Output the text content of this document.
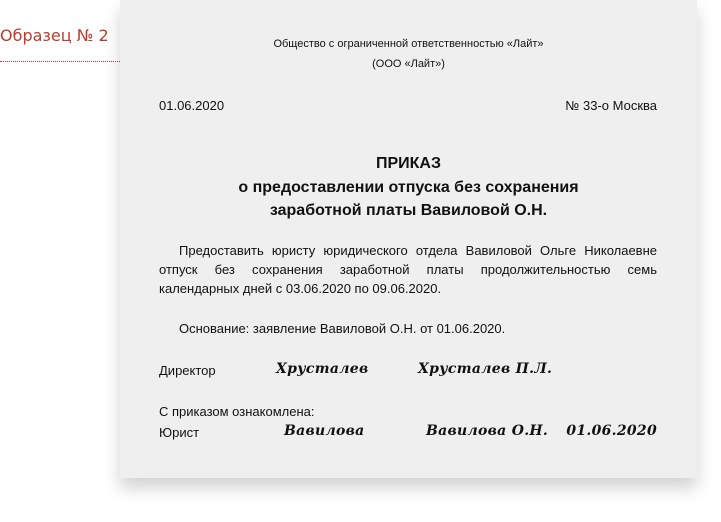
Образец № 2	Общество с ограниченной ответственностью «Лайт»
(ООО «Лайт»)
01.06.2020	№ 33-о Москва
ПРИКАЗ
о предоставлении отпуска без сохранения
заработной платы Вавиловой О.Н.
Предоставить юристу юридического отдела Вавиловой Ольге Николаевне отпуск без сохранения заработной платы продолжительностью семь календарных дней с 03.06.2020 по 09.06.2020.
Основание: заявление Вавиловой О.Н. от 01.06.2020.
Директор	Хрусталев	Хрусталев П.Л.
С приказом ознакомлена:
Юрист	Вавилова	Вавилова О.Н. 01.06.2020
